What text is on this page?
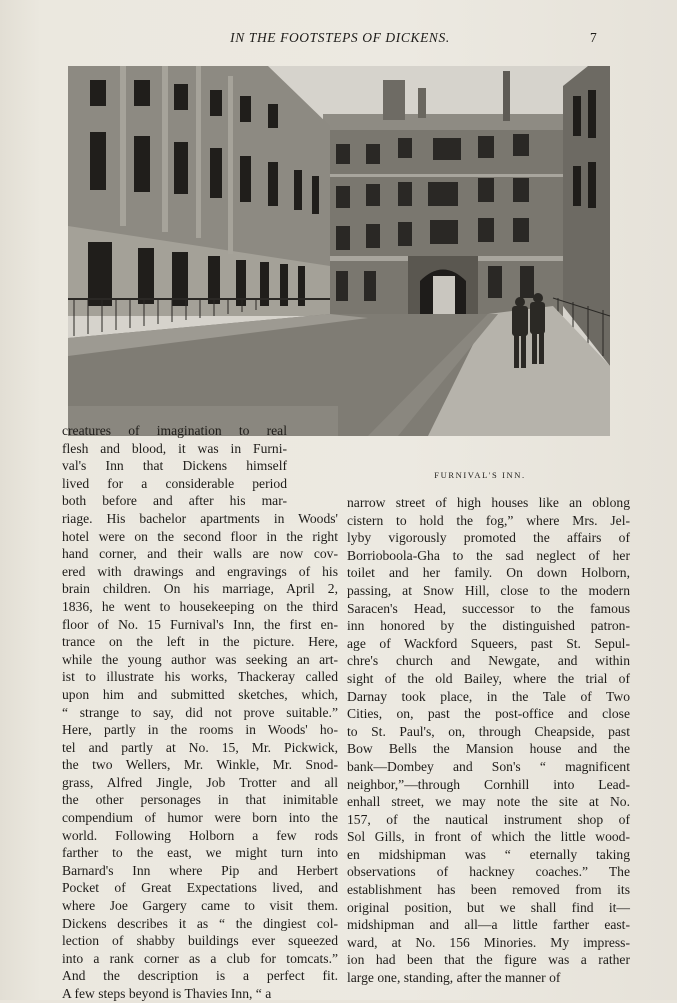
IN THE FOOTSTEPS OF DICKENS.	7
FURNIVAL'S INN.
creatures of imagination to real
flesh and blood, it was in Furni-
val's Inn that Dickens himself
lived for a considerable period
both before and after his mar-
riage. His bachelor apartments in Woods'
hotel were on the second floor in the right
hand corner, and their walls are now cov-
ered with drawings and engravings of his
brain children. On his marriage, April 2,
1836, he went to housekeeping on the third
floor of No. 15 Furnival's Inn, the first en-
trance on the left in the picture. Here,
while the young author was seeking an art-
ist to illustrate his works, Thackeray called
upon him and submitted sketches, which,
“ strange to say, did not prove suitable.”
Here, partly in the rooms in Woods' ho-
tel and partly at No. 15, Mr. Pickwick,
the two Wellers, Mr. Winkle, Mr. Snod-
grass, Alfred Jingle, Job Trotter and all
the other personages in that inimitable
compendium of humor were born into the
world. Following Holborn a few rods
farther to the east, we might turn into
Barnard's Inn where Pip and Herbert
Pocket of Great Expectations lived, and
where Joe Gargery came to visit them.
Dickens describes it as “ the dingiest col-
lection of shabby buildings ever squeezed
into a rank corner as a club for tomcats.”
And the description is a perfect fit.
A few steps beyond is Thavies Inn, “ a
narrow street of high houses like an oblong
cistern to hold the fog,” where Mrs. Jel-
lyby vigorously promoted the affairs of
Borrioboola-Gha to the sad neglect of her
toilet and her family. On down Holborn,
passing, at Snow Hill, close to the modern
Saracen's Head, successor to the famous
inn honored by the distinguished patron-
age of Wackford Squeers, past St. Sepul-
chre's church and Newgate, and within
sight of the old Bailey, where the trial of
Darnay took place, in the Tale of Two
Cities, on, past the post-office and close
to St. Paul's, on, through Cheapside, past
Bow Bells the Mansion house and the
bank—Dombey and Son's “ magnificent
neighbor,”—through Cornhill into Lead-
enhall street, we may note the site at No.
157, of the nautical instrument shop of
Sol Gills, in front of which the little wood-
en midshipman was “ eternally taking
observations of hackney coaches.” The
establishment has been removed from its
original position, but we shall find it—
midshipman and all—a little farther east-
ward, at No. 156 Minories. My impress-
ion had been that the figure was a rather
large one, standing, after the manner of
